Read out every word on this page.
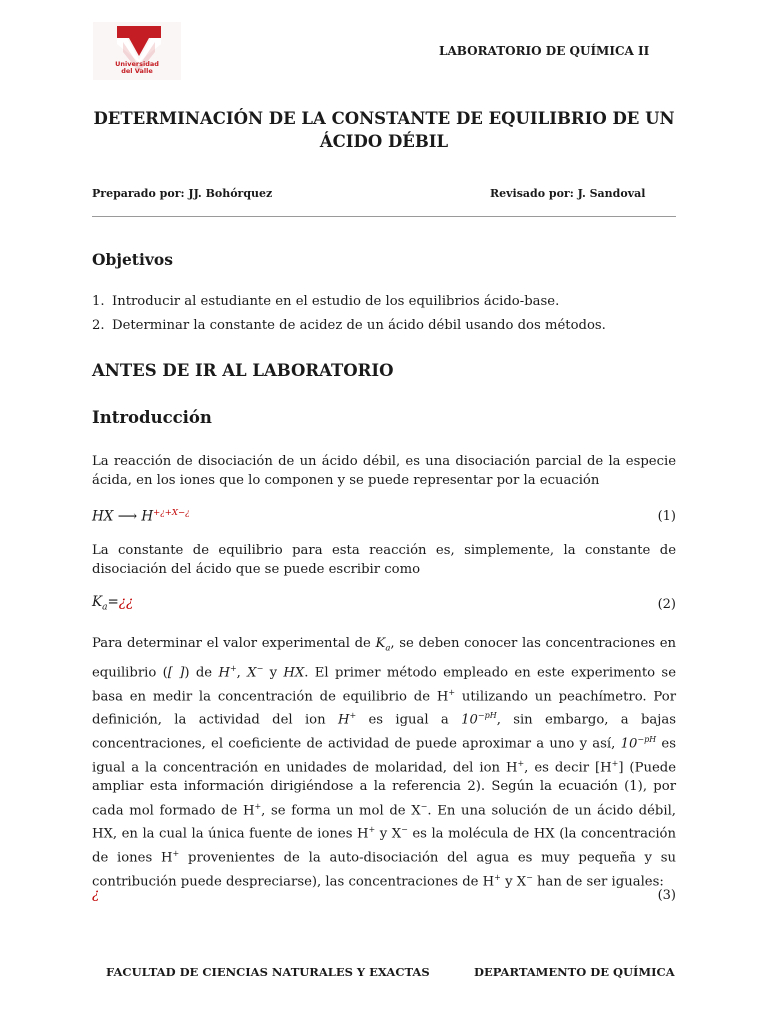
Universidad
del Valle
LABORATORIO DE QUÍMICA II
DETERMINACIÓN DE LA CONSTANTE DE EQUILIBRIO DE UN
ÁCIDO DÉBIL
Preparado por: JJ. Bohórquez	Revisado por: J. Sandoval
Objetivos
1. Introducir al estudiante en el estudio de los equilibrios ácido-base.
2. Determinar la constante de acidez de un ácido débil usando dos métodos.
ANTES DE IR AL LABORATORIO
Introducción
La reacción de disociación de un ácido débil, es una disociación parcial de la especie ácida, en los iones que lo componen y se puede representar por la ecuación
HX ⟶ $H^{+¿+X-¿}$	(1)
La constante de equilibrio para esta reacción es, simplemente, la constante de disociación del ácido que se puede escribir como
$K_a=¿¿$	(2)
Para determinar el valor experimental de $K_a$, se deben conocer las concentraciones en equilibrio ([ ]) de H+, X− y HX. El primer método empleado en este experimento se basa en medir la concentración de equilibrio de H+ utilizando un peachímetro. Por definición, la actividad del ion H+ es igual a $10^{-pH}$, sin embargo, a bajas concentraciones, el coeficiente de actividad de puede aproximar a uno y así, $10^{-pH}$ es igual a la concentración en unidades de molaridad, del ion H+, es decir [H+] (Puede ampliar esta información dirigiéndose a la referencia 2). Según la ecuación (1), por cada mol formado de H+, se forma un mol de X−. En una solución de un ácido débil, HX, en la cual la única fuente de iones H+ y X− es la molécula de HX (la concentración de iones H+ provenientes de la auto-disociación del agua es muy pequeña y su contribución puede despreciarse), las concentraciones de H+ y X− han de ser iguales:
¿	(3)
FACULTAD DE CIENCIAS NATURALES Y EXACTAS	DEPARTAMENTO DE QUÍMICA
